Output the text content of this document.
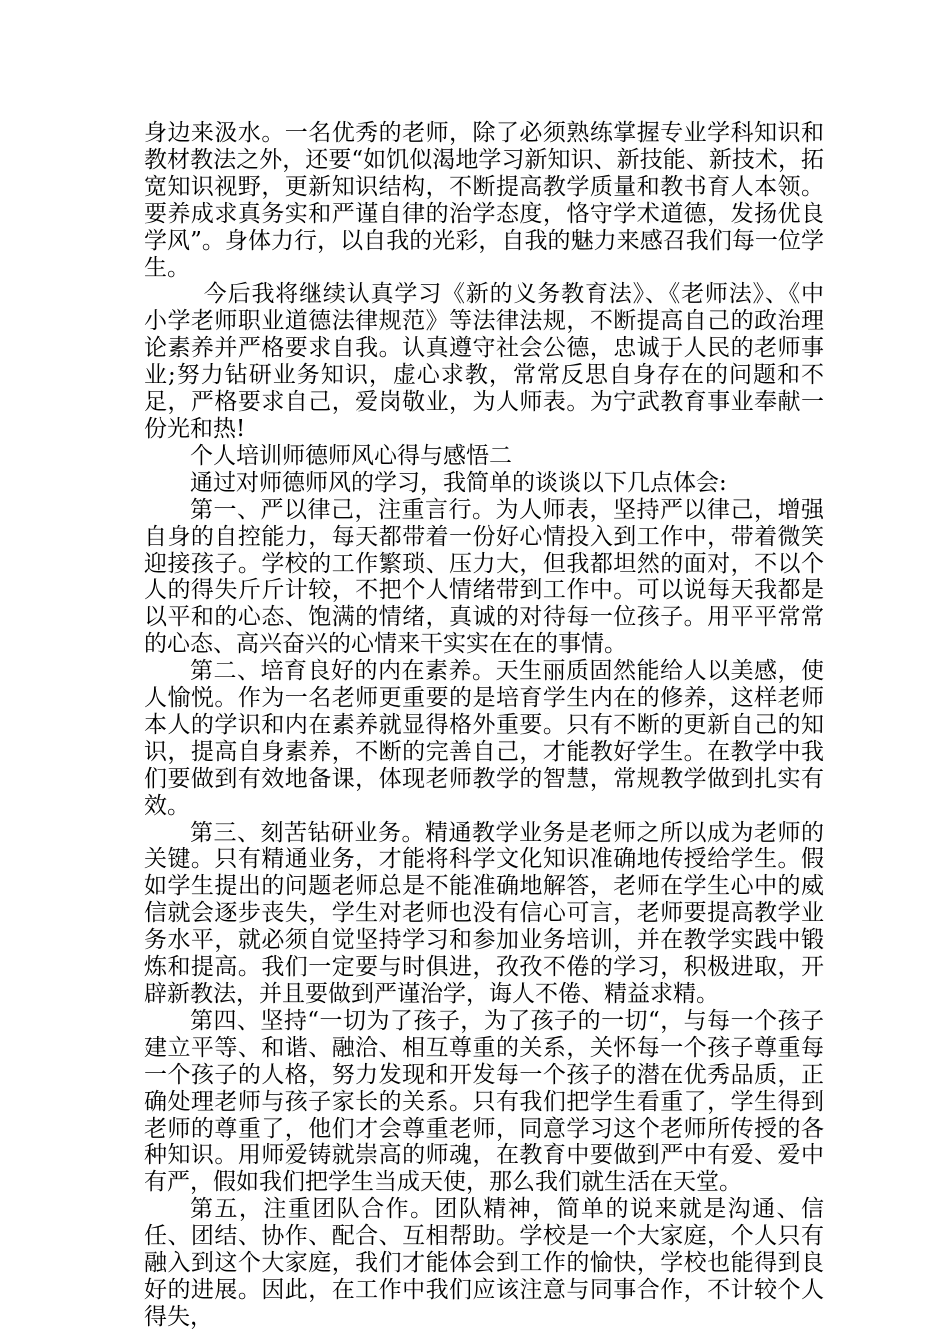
身边来汲水。一名优秀的老师，除了必须熟练掌握专业学科知识和教材教法之外，还要“如饥似渴地学习新知识、新技能、新技术，拓宽知识视野，更新知识结构，不断提高教学质量和教书育人本领。要养成求真务实和严谨自律的治学态度，恪守学术道德，发扬优良学风”。身体力行，以自我的光彩，自我的魅力来感召我们每一位学生。

今后我将继续认真学习《新的义务教育法》、《老师法》、《中小学老师职业道德法律规范》等法律法规，不断提高自己的政治理论素养并严格要求自我。认真遵守社会公德，忠诚于人民的老师事业;努力钻研业务知识，虚心求教，常常反思自身存在的问题和不足，严格要求自己，爱岗敬业，为人师表。为宁武教育事业奉献一份光和热!

个人培训师德师风心得与感悟二

通过对师德师风的学习，我简单的谈谈以下几点体会:

第一、严以律己，注重言行。为人师表，坚持严以律己，增强自身的自控能力，每天都带着一份好心情投入到工作中，带着微笑迎接孩子。学校的工作繁琐、压力大，但我都坦然的面对，不以个人的得失斤斤计较，不把个人情绪带到工作中。可以说每天我都是以平和的心态、饱满的情绪，真诚的对待每一位孩子。用平平常常的心态、高兴奋兴的心情来干实实在在的事情。

第二、培育良好的内在素养。天生丽质固然能给人以美感，使人愉悦。作为一名老师更重要的是培育学生内在的修养，这样老师本人的学识和内在素养就显得格外重要。只有不断的更新自己的知识，提高自身素养，不断的完善自己，才能教好学生。在教学中我们要做到有效地备课，体现老师教学的智慧，常规教学做到扎实有效。

第三、刻苦钻研业务。精通教学业务是老师之所以成为老师的关键。只有精通业务，才能将科学文化知识准确地传授给学生。假如学生提出的问题老师总是不能准确地解答，老师在学生心中的威信就会逐步丧失，学生对老师也没有信心可言，老师要提高教学业务水平，就必须自觉坚持学习和参加业务培训，并在教学实践中锻炼和提高。我们一定要与时俱进，孜孜不倦的学习，积极进取，开辟新教法，并且要做到严谨治学，诲人不倦、精益求精。

第四、坚持“一切为了孩子，为了孩子的一切“，与每一个孩子建立平等、和谐、融洽、相互尊重的关系，关怀每一个孩子尊重每一个孩子的人格，努力发现和开发每一个孩子的潜在优秀品质，正确处理老师与孩子家长的关系。只有我们把学生看重了，学生得到老师的尊重了，他们才会尊重老师，同意学习这个老师所传授的各种知识。用师爱铸就崇高的师魂，在教育中要做到严中有爱、爱中有严，假如我们把学生当成天使，那么我们就生活在天堂。

第五，注重团队合作。团队精神，简单的说来就是沟通、信任、团结、协作、配合、互相帮助。学校是一个大家庭，个人只有融入到这个大家庭，我们才能体会到工作的愉快，学校也能得到良好的进展。因此，在工作中我们应该注意与同事合作，不计较个人得失，
